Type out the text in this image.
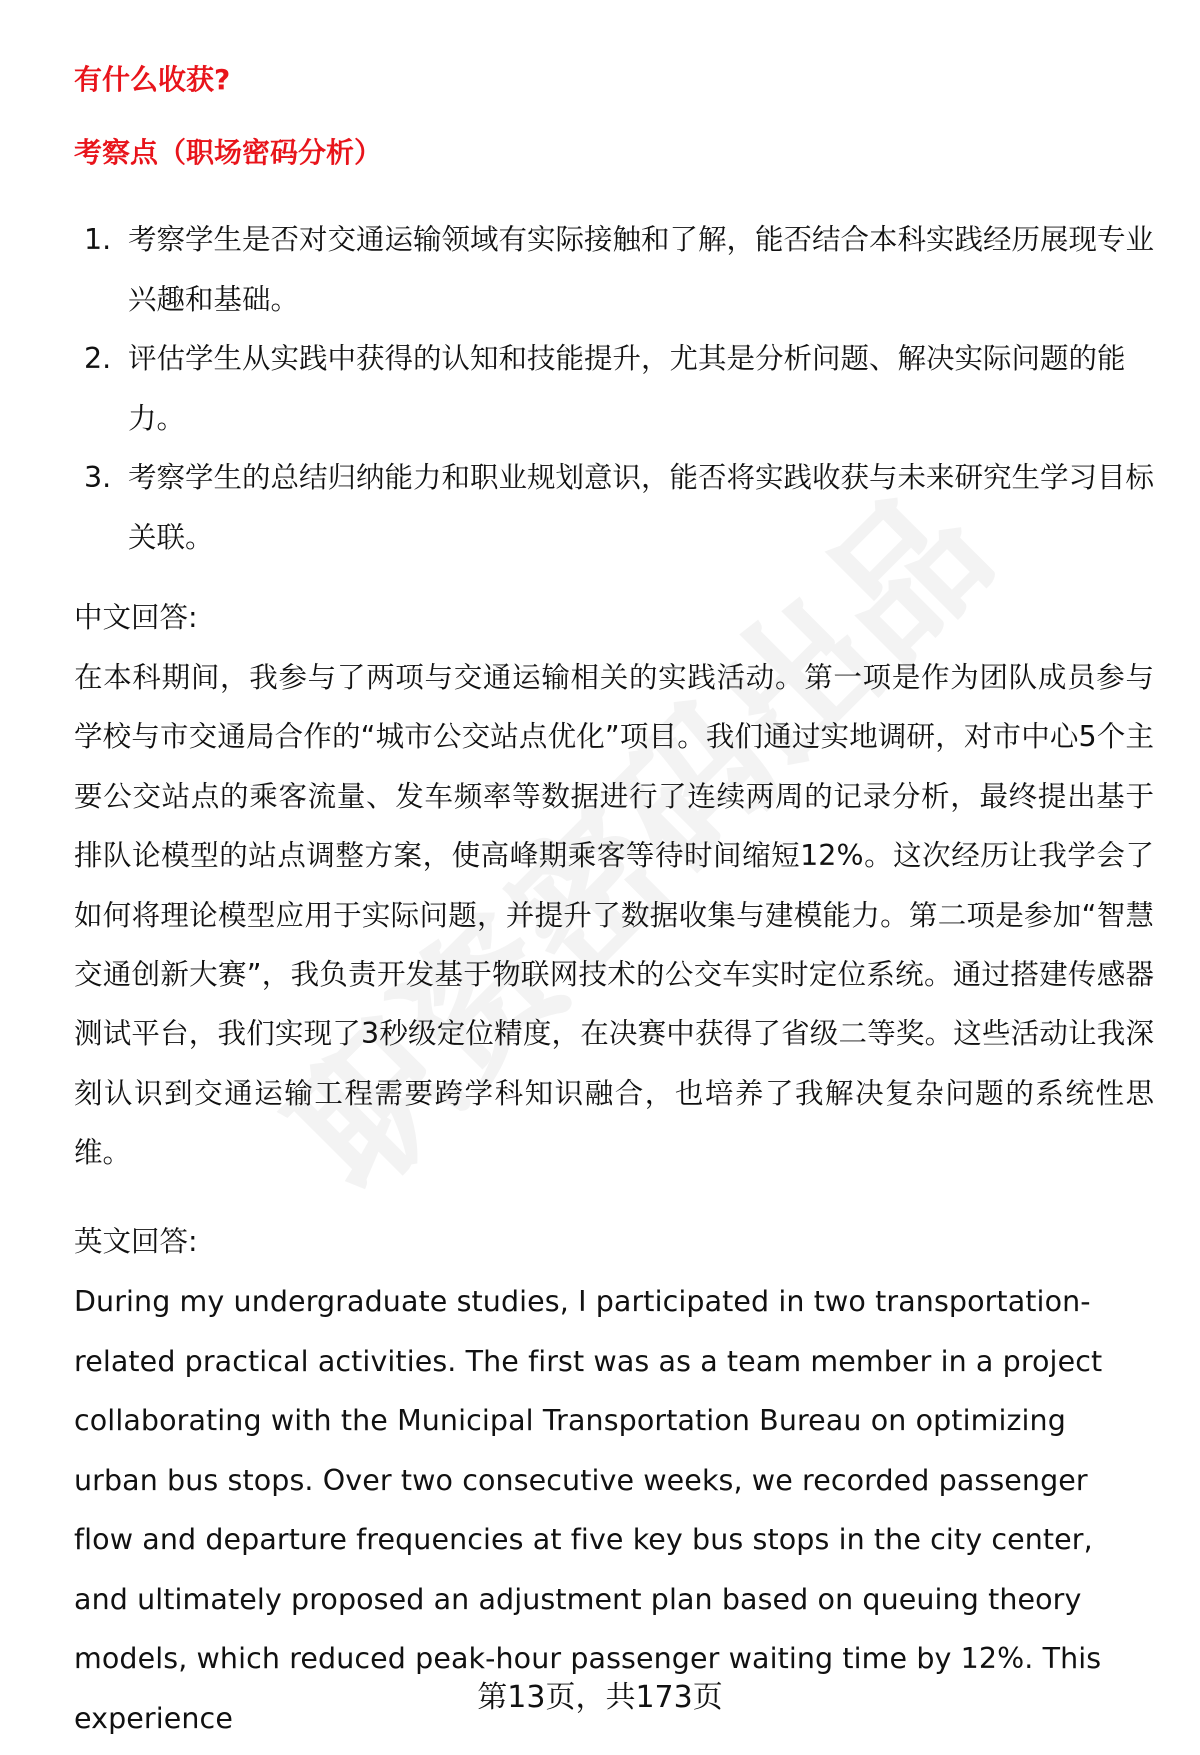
有什么收获?
考察点（职场密码分析）
1. 考察学生是否对交通运输领域有实际接触和了解，能否结合本科实践经历展现专业兴趣和基础。
2. 评估学生从实践中获得的认知和技能提升，尤其是分析问题、解决实际问题的能力。
3. 考察学生的总结归纳能力和职业规划意识，能否将实践收获与未来研究生学习目标关联。
中文回答:

在本科期间，我参与了两项与交通运输相关的实践活动。第一项是作为团队成员参与学校与市交通局合作的“城市公交站点优化”项目。我们通过实地调研，对市中心5个主要公交站点的乘客流量、发车频率等数据进行了连续两周的记录分析，最终提出基于排队论模型的站点调整方案，使高峰期乘客等待时间缩短12%。这次经历让我学会了如何将理论模型应用于实际问题，并提升了数据收集与建模能力。第二项是参加“智慧交通创新大赛”，我负责开发基于物联网技术的公交车实时定位系统。通过搭建传感器测试平台，我们实现了3秒级定位精度，在决赛中获得了省级二等奖。这些活动让我深刻认识到交通运输工程需要跨学科知识融合，也培养了我解决复杂问题的系统性思维。

英文回答:

During my undergraduate studies, I participated in two transportation-related practical activities. The first was as a team member in a project collaborating with the Municipal Transportation Bureau on optimizing urban bus stops. Over two consecutive weeks, we recorded passenger flow and departure frequencies at five key bus stops in the city center, and ultimately proposed an adjustment plan based on queuing theory models, which reduced peak-hour passenger waiting time by 12%. This experience

第13页，共173页
